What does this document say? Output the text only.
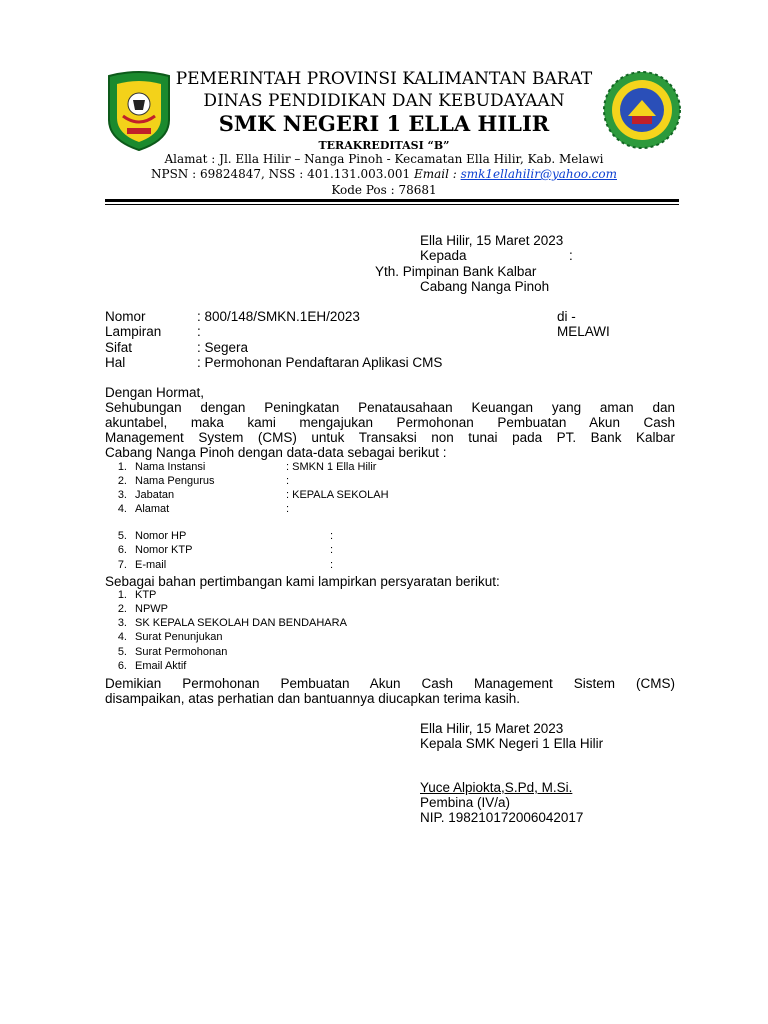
PEMERINTAH PROVINSI KALIMANTAN BARAT
DINAS PENDIDIKAN DAN KEBUDAYAAN
SMK NEGERI 1 ELLA HILIR
TERAKREDITASI “B”
Alamat : Jl. Ella Hilir – Nanga Pinoh - Kecamatan Ella Hilir, Kab. Melawi
NPSN : 69824847, NSS : 401.131.003.001 Email : smk1ellahilir@yahoo.com
Kode Pos : 78681
Ella Hilir, 15 Maret 2023
Kepada	:
Yth. Pimpinan Bank Kalbar
Cabang Nanga Pinoh
Nomor	: 800/148/SMKN.1EH/2023	di -
Lampiran	:	MELAWI
Sifat	: Segera
Hal	: Permohonan Pendaftaran Aplikasi CMS
Dengan Hormat,
Sehubungan dengan Peningkatan Penatausahaan Keuangan yang aman dan
akuntabel, maka kami mengajukan Permohonan Pembuatan Akun Cash
Management System (CMS) untuk Transaksi non tunai pada PT. Bank Kalbar
Cabang Nanga Pinoh dengan data-data sebagai berikut :
1. Nama Instansi	: SMKN 1 Ella Hilir
2. Nama Pengurus	:
3. Jabatan	: KEPALA SEKOLAH
4. Alamat	:
5. Nomor HP	:
6. Nomor KTP	:
7. E-mail	:
Sebagai bahan pertimbangan kami lampirkan persyaratan berikut:
1. KTP
2. NPWP
3. SK KEPALA SEKOLAH DAN BENDAHARA
4. Surat Penunjukan
5. Surat Permohonan
6. Email Aktif
Demikian Permohonan Pembuatan Akun Cash Management Sistem (CMS)
disampaikan, atas perhatian dan bantuannya diucapkan terima kasih.
Ella Hilir, 15 Maret 2023
Kepala SMK Negeri 1 Ella Hilir
Yuce Alpiokta,S.Pd, M.Si.
Pembina (IV/a)
NIP. 198210172006042017
